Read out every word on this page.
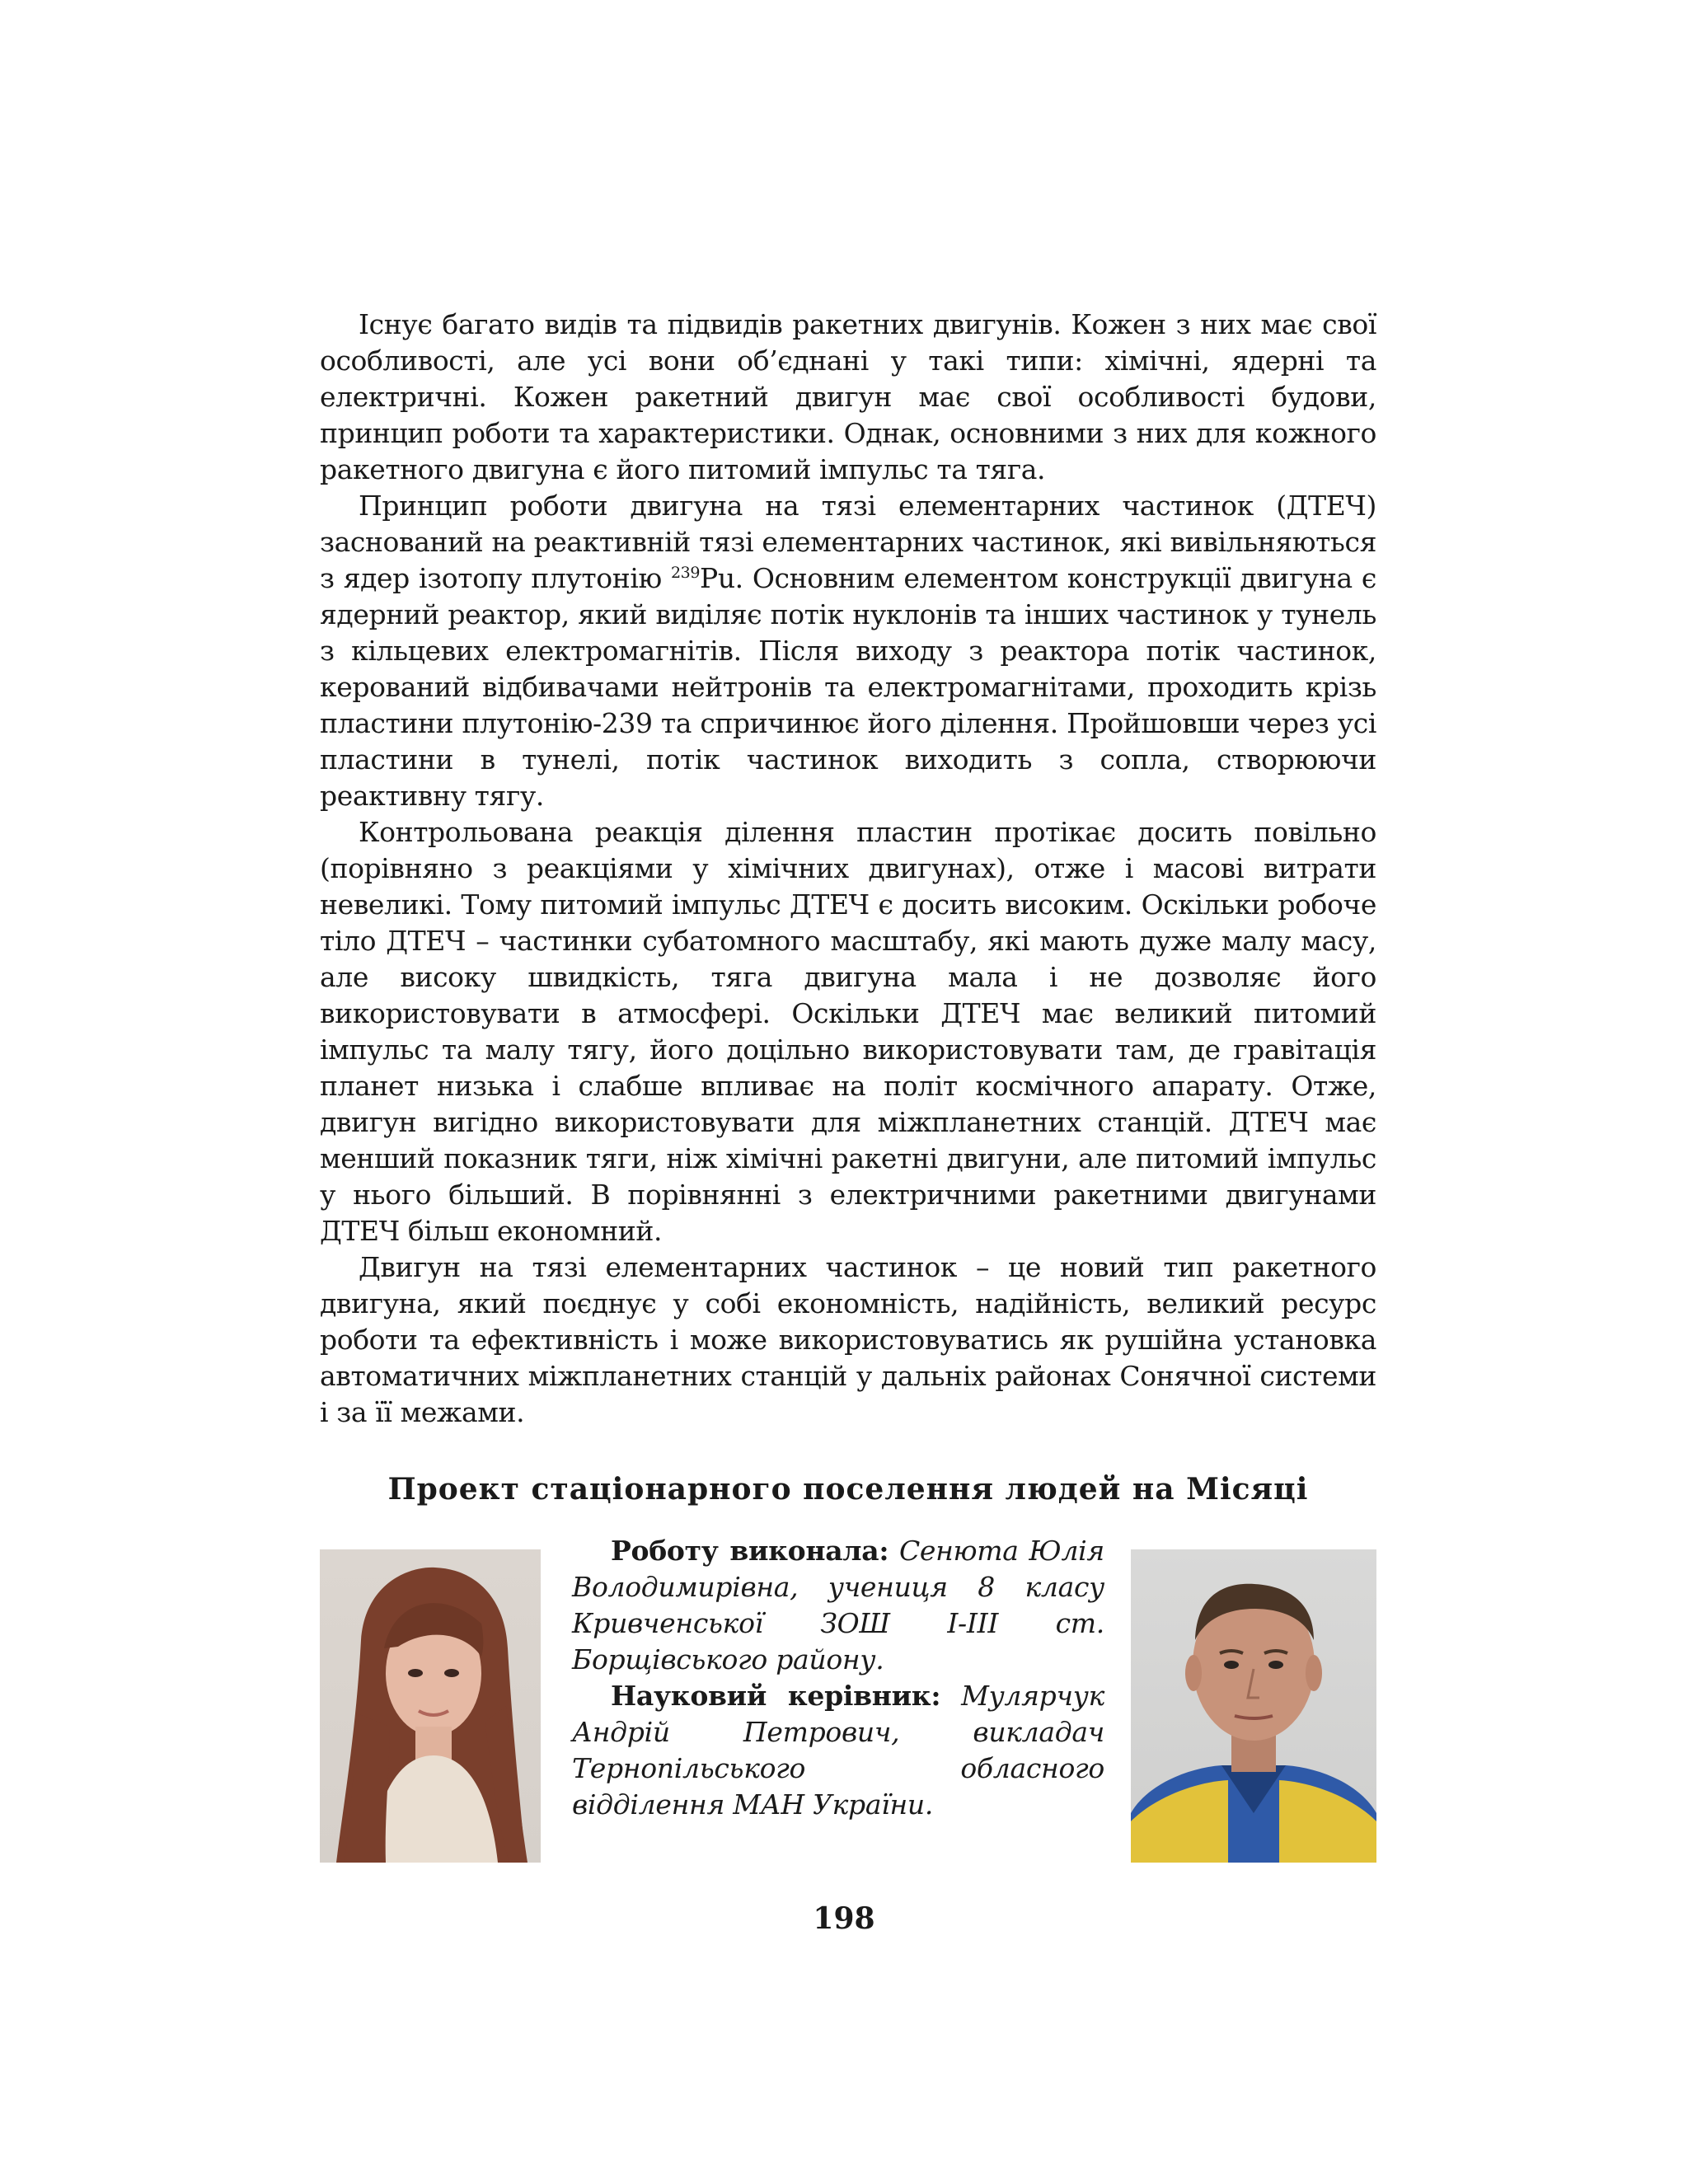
Існує багато видів та підвидів ракетних двигунів. Кожен з них має свої особливості, але усі вони об’єднані у такі типи: хімічні, ядерні та електричні. Кожен ракетний двигун має свої особливості будови, принцип роботи та характеристики. Однак, основними з них для кожного ракетного двигуна є його питомий імпульс та тяга.

Принцип роботи двигуна на тязі елементарних частинок (ДТЕЧ) заснований на реактивній тязі елементарних частинок, які вивільняються з ядер ізотопу плутонію $^{239}$Pu. Основним елементом конструкції двигуна є ядерний реактор, який виділяє потік нуклонів та інших частинок у тунель з кільцевих електромагнітів. Після виходу з реактора потік частинок, керований відбивачами нейтронів та електромагнітами, проходить крізь пластини плутонію-239 та спричинює його ділення. Пройшовши через усі пластини в тунелі, потік частинок виходить з сопла, створюючи реактивну тягу.

Контрольована реакція ділення пластин протікає досить повільно (порівняно з реакціями у хімічних двигунах), отже і масові витрати невеликі. Тому питомий імпульс ДТЕЧ є досить високим. Оскільки робоче тіло ДТЕЧ – частинки субатомного масштабу, які мають дуже малу масу, але високу швидкість, тяга двигуна мала і не дозволяє його використовувати в атмосфері. Оскільки ДТЕЧ має великий питомий імпульс та малу тягу, його доцільно використовувати там, де гравітація планет низька і слабше впливає на політ космічного апарату. Отже, двигун вигідно використовувати для міжпланетних станцій. ДТЕЧ має менший показник тяги, ніж хімічні ракетні двигуни, але питомий імпульс у нього більший. В порівнянні з електричними ракетними двигунами ДТЕЧ більш економний.

Двигун на тязі елементарних частинок – це новий тип ракетного двигуна, який поєднує у собі економність, надійність, великий ресурс роботи та ефективність і може використовуватись як рушійна установка автоматичних міжпланетних станцій у дальніх районах Сонячної системи і за її межами.

Проект стаціонарного поселення людей на Місяці

Роботу виконала: Сенюта Юлія Володимирівна, учениця 8 класу Кривченської ЗОШ І-ІІІ ст. Борщівського району.

Науковий керівник: Мулярчук Андрій Петрович, викладач Тернопільського обласного відділення МАН України.

198
